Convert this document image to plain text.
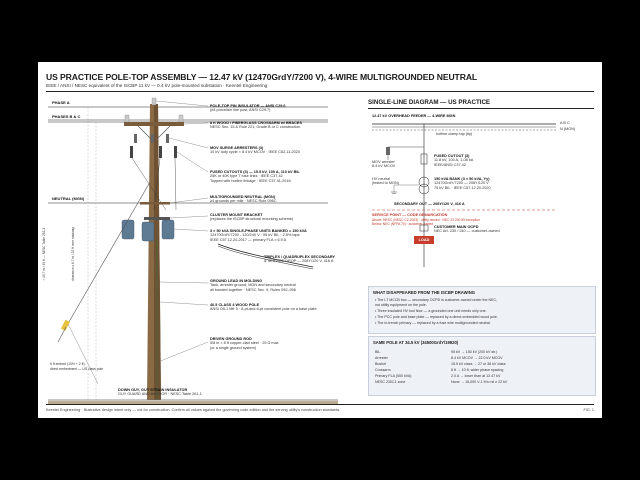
US PRACTICE POLE-TOP ASSEMBLY — 12.47 kV (12470GrdY/7200 V), 4-WIRE MULTIGROUNDED NEUTRAL
IEEE / ANSI / NESC equivalent of the ISCBP 11 kV — 0.4 kV pole-mounted substation · Keentel Engineering
PHASE A
PHASES B & C
NEUTRAL (MGN)
≈ 13.7 m / 45 ft — NESC Table 232-1	clearance ≥ 6.7 m / 22 ft over roadway
6 ft embed (10% + 2 ft)
direct embedment — US class pole
POLE-TOP PIN INSULATOR — ANSI C29.6
(#4 porcelain line post, ANSI C29.7)
8 ft WOOD / FIBERGLASS CROSSARM w/ BRACES
NESC Sec. 15 & Rule 221; Grade B or C construction
MOV SURGE ARRESTERS (3)
10 kV duty cycle = 8.4 kV MCOV · IEEE C62.11-2020
FUSED CUTOUTS (3) — 15.5 kV, 100 A, 110 kV BIL
25K or 40K type T fuse links · IEEE C37.42
Topped with hotline linkage · IEEE C37.41-2016
MULTIGROUNDED NEUTRAL (MGN)
≥4 grounds per mile · NESC Rule 096C
CLUSTER MOUNT BRACKET
(replaces the ISCBP structural mounting scheme)
3 × 50 kVA SINGLE-PHASE UNITS BANKED = 150 kVA
12470GrdY/7200 - 120/240 V · 95 kV BIL · 2.5% taps
IEEE C57.12.20-2017 — primary FLA ≈ 6.9 A
TRIPLEX / QUADRUPLEX SECONDARY
& SERVICE DROP — 208Y/120 V, 416 A
GROUND LEAD IN MOLDING
Tank, arrester ground, MGN and secondary neutral
all bonded together · NESC Sec. 9, Rules 092–096
40.5 CLASS 4 WOOD POLE
ANSI O5.1 Mfr 5 · 8-pt-and-6-pt consistent pole on a base plate
DRIVEN GROUND ROD
5/8 in × 8 ft copper-clad steel · 25 Ω max
(or a single ground system)
DOWN GUY, GUY STRAIN INSULATOR
GUY GUARD AND ANCHOR · NESC Table 261-1
SINGLE-LINE DIAGRAM — US PRACTICE
12.47 kV OVERHEAD FEEDER — 4-WIRE MGN
A B C
N (MGN)
hotline clamp tap (tip)
MOV arrester
8.4 kV MCOV
FUSED CUTOUT (3)
11.8 kV, 100 A, 1-08 kA
IEEE/ANSI C37.42
HV neutral
(tested to MGN)
150 kVA BANK (3 × 50 kVA, Yy)
12470GrdY/7200 — 208Y/120 V
75 kV BIL · IEEE C57.12.20-2020
SECONDARY OUT — 208Y/120 V, 416 A
SERVICE POINT — CODE DEMARCATION
Above: NESC (NESC C2-2023) · utility-owned · NEC 23 230.95 exception
Below: NEC (NFPA 70) · customer-owned
CUSTOMER MAIN OCPD
NEC Art. 230 / 240 — customer-owned
LOAD
WHAT DISAPPEARED FROM THE ISCBP DRAWING
• The LT MCCB box — secondary OCPD is customer-owned under the NEC,
not utility equipment on the pole.
• Three insulated HV tool floor — a grounded one unit needs only one.
• The PCC pole and base plate — replaced by a direct-embedded wood pole.
• The in-trench primary — replaced by a fuse wire multigrounded neutral.
SAME POLE AT 34.5 kV (34500GrdY/19920)
BIL	95 kV → 150 kV (200 kV str.)
Arrester	8.4 kV MCOV → 22.0 kV MCOV
Bushel	15.5 kV class → 27 or 38 kV class
Crossarm	8 ft → 10 ft, wider phase spacing
Primary FLA (500 kVA)	2.0 A → lower than at 12.47 kV
NESC 230C1 zone	None → 15,000 V-1 ft to nil ≥ 22 kV
Keentel Engineering · Illustrative design intent only — not for construction. Confirm all values against the governing code edition and the serving utility’s construction standards.	FIG. 1
